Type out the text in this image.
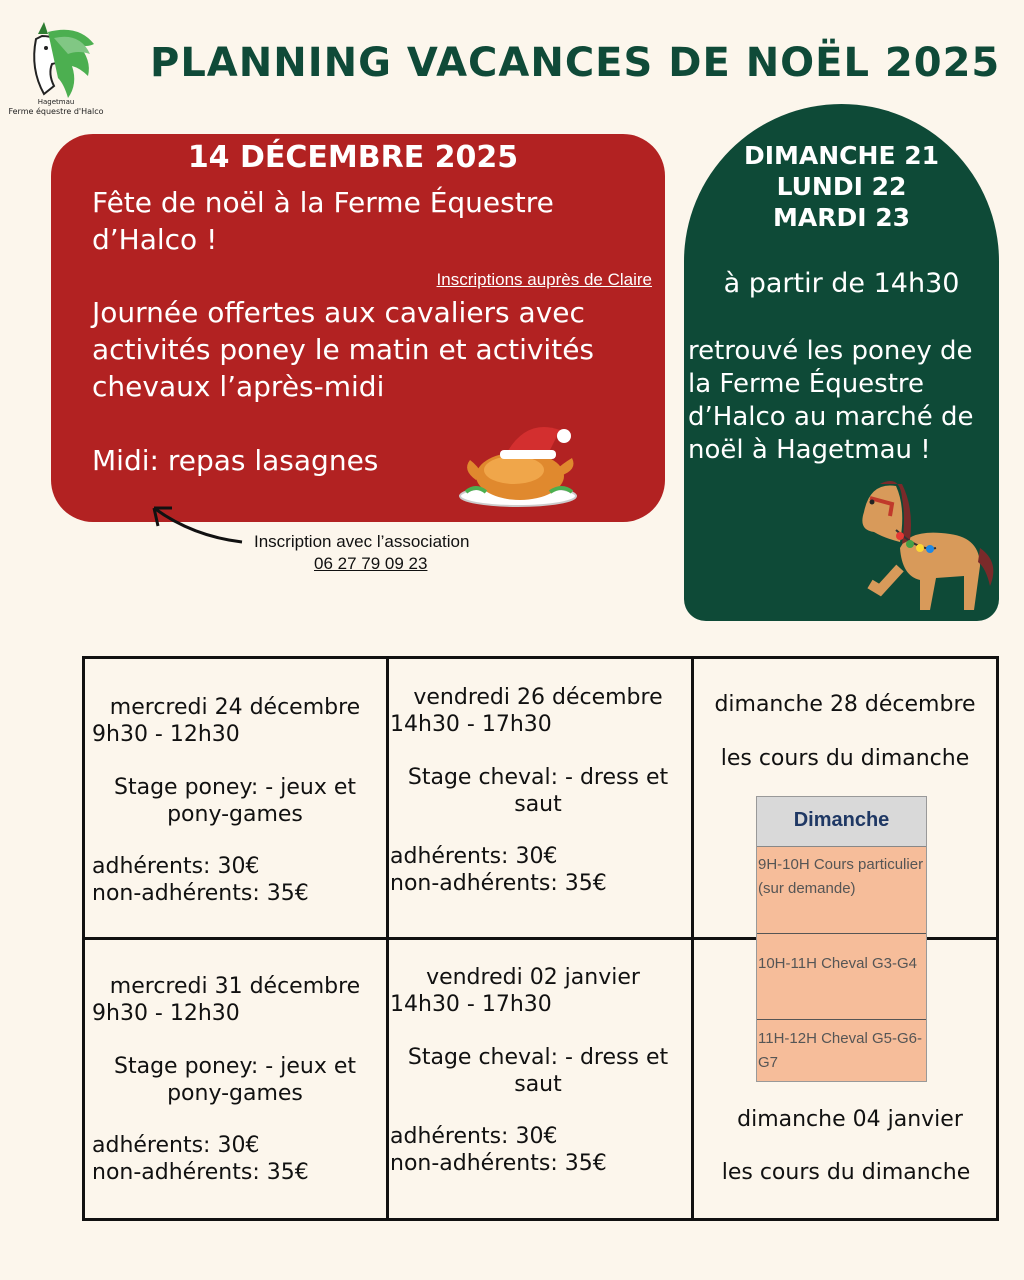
Hagetmau
Ferme équestre d'Halco
PLANNING VACANCES DE NOËL 2025
14 DÉCEMBRE 2025
Fête de noël à la Ferme Équestre d’Halco !
Inscriptions auprès de Claire
Journée offertes aux cavaliers avec activités poney le matin et activités chevaux l’après-midi
Midi: repas lasagnes
Inscription avec l’association
06 27 79 09 23
DIMANCHE 21
LUNDI 22
MARDI 23
à partir de 14h30
retrouvé les poney de la Ferme Équestre d’Halco au marché de noël à Hagetmau !
mercredi 24 décembre
9h30 - 12h30
Stage poney: - jeux et pony-games
adhérents: 30€
non-adhérents: 35€
vendredi 26 décembre
14h30 - 17h30
Stage cheval: - dress et saut
adhérents: 30€
non-adhérents: 35€
dimanche 28 décembre
les cours du dimanche
mercredi 31 décembre
9h30 - 12h30
Stage poney: - jeux et pony-games
adhérents: 30€
non-adhérents: 35€
vendredi 02 janvier
14h30 - 17h30
Stage cheval: - dress et saut
adhérents: 30€
non-adhérents: 35€
dimanche 04 janvier
les cours du dimanche
Dimanche
9H-10H Cours particulier (sur demande)
10H-11H Cheval G3-G4
11H-12H Cheval G5-G6-G7
